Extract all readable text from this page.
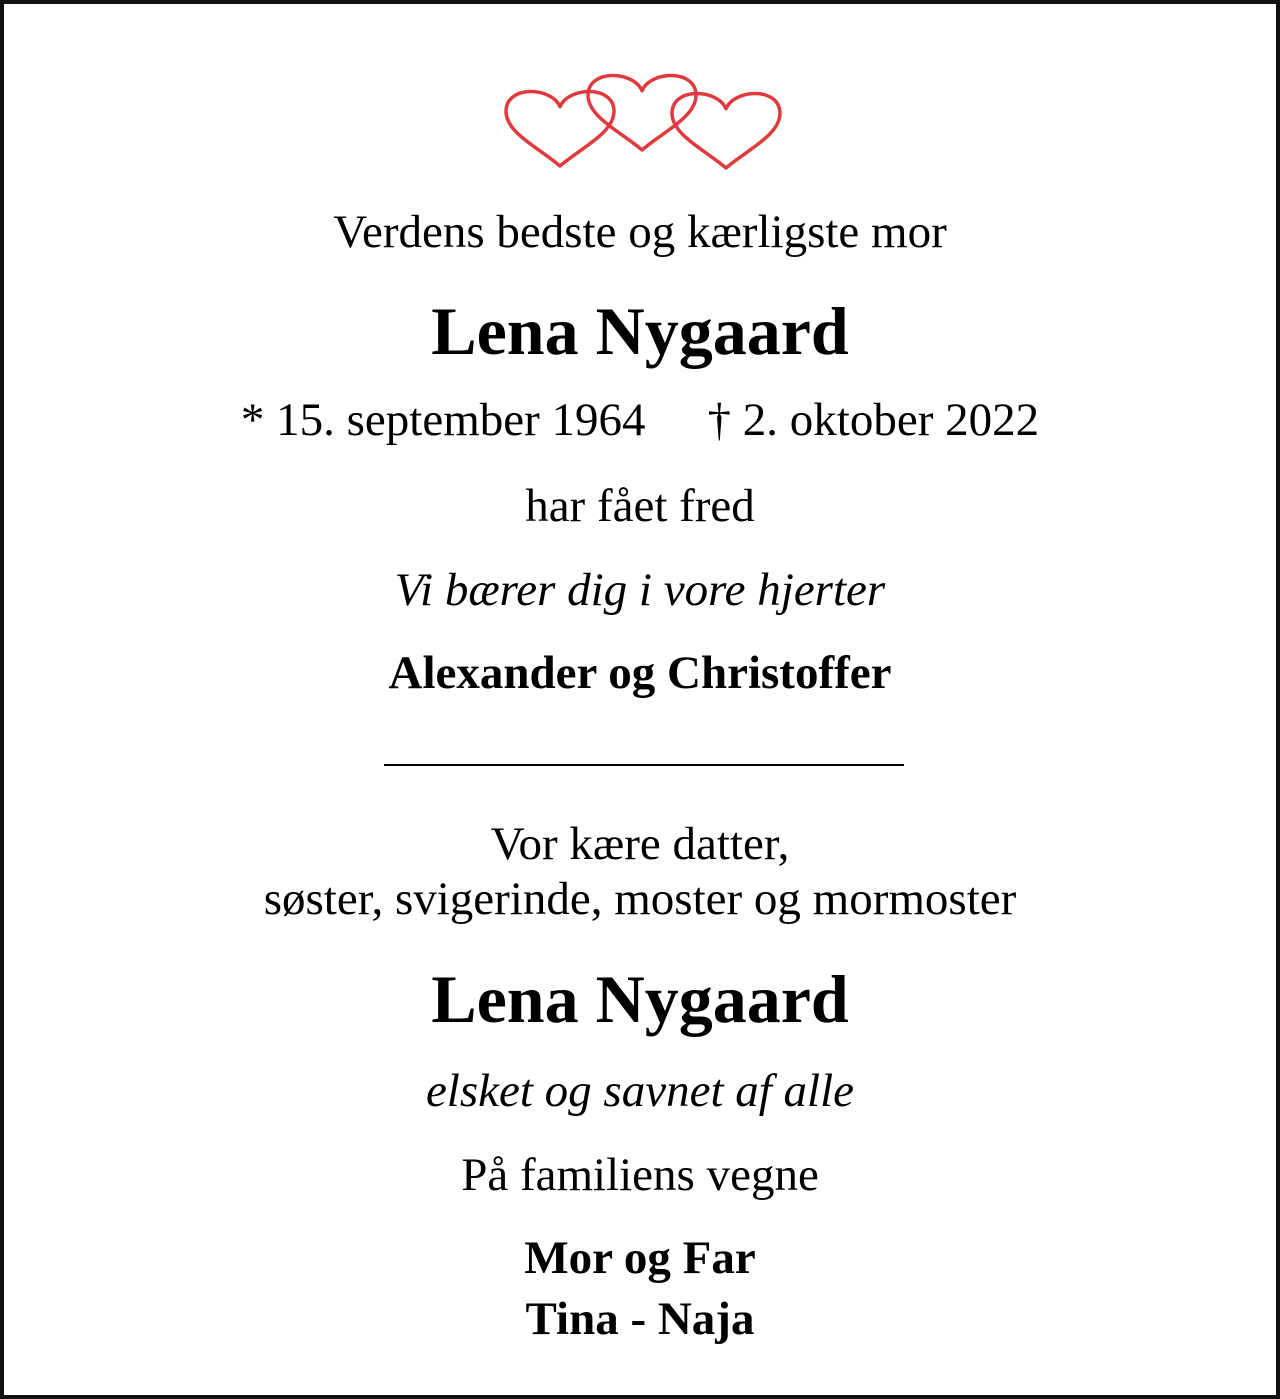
Verdens bedste og kærligste mor
Lena Nygaard
* 15. september 1964 † 2. oktober 2022
har fået fred
Vi bærer dig i vore hjerter
Alexander og Christoffer
Vor kære datter,
søster, svigerinde, moster og mormoster
Lena Nygaard
elsket og savnet af alle
På familiens vegne
Mor og Far
Tina - Naja
